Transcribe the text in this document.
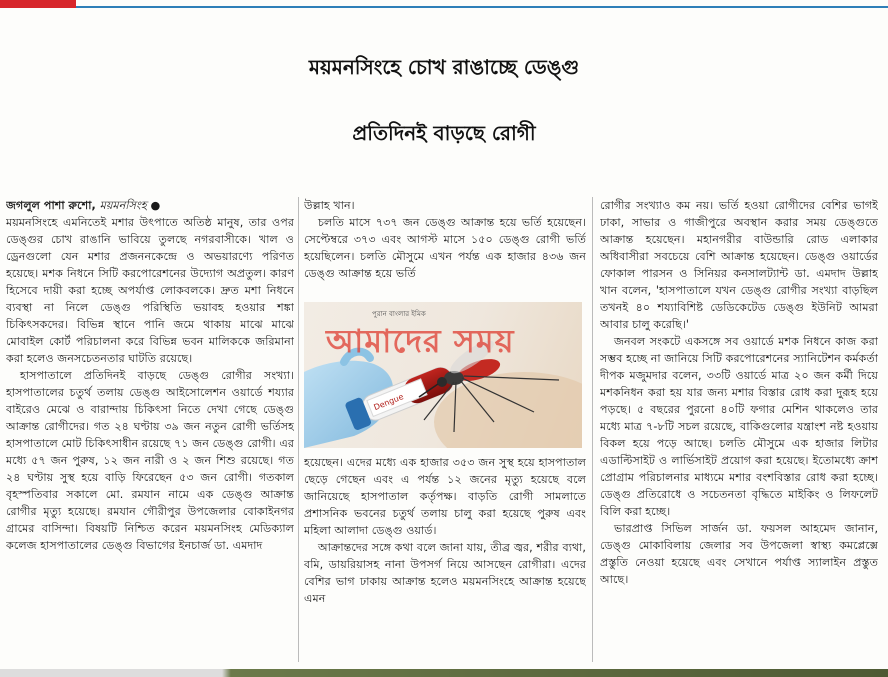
ময়মনসিংহে চোখ রাঙাচ্ছে ডেঙ্গু
প্রতিদিনই বাড়ছে রোগী

জগলুল পাশা রুশো, ময়মনসিংহ ●

ময়মনসিংহে এমনিতেই মশার উৎপাতে অতিষ্ঠ মানুষ, তার ওপর ডেঙ্গুর চোখ রাঙানি ভাবিয়ে তুলছে নগরবাসীকে। খাল ও ড্রেনগুলো যেন মশার প্রজননকেন্দ্রে ও অভয়ারণ্যে পরিণত হয়েছে। মশক নিধনে সিটি করপোরেশনের উদ্যোগ অপ্রতুল। কারণ হিসেবে দায়ী করা হচ্ছে অপর্যাপ্ত লোকবলকে। দ্রুত মশা নিধনে ব্যবস্থা না নিলে ডেঙ্গু পরিস্থিতি ভয়াবহ হওয়ার শঙ্কা চিকিৎসকদের। বিভিন্ন স্থানে পানি জমে থাকায় মাঝে মাঝে মোবাইল কোর্ট পরিচালনা করে বিভিন্ন ভবন মালিককে জরিমানা করা হলেও জনসচেতনতার ঘাটতি রয়েছে।

হাসপাতালে প্রতিদিনই বাড়ছে ডেঙ্গু রোগীর সংখ্যা। হাসপাতালের চতুর্থ তলায় ডেঙ্গু আইসোলেশন ওয়ার্ডে শয্যার বাইরেও মেঝে ও বারান্দায় চিকিৎসা নিতে দেখা গেছে ডেঙ্গু আক্রান্ত রোগীদের। গত ২৪ ঘণ্টায় ৩৯ জন নতুন রোগী ভর্তিসহ হাসপাতালে মোট চিকিৎসাধীন রয়েছে ৭১ জন ডেঙ্গু রোগী। এর মধ্যে ৫৭ জন পুরুষ, ১২ জন নারী ও ২ জন শিশু রয়েছে। গত ২৪ ঘণ্টায় সুস্থ হয়ে বাড়ি ফিরেছেন ৫৩ জন রোগী। গতকাল বৃহস্পতিবার সকালে মো. রমযান নামে এক ডেঙ্গু আক্রান্ত রোগীর মৃত্যু হয়েছে। রমযান গৌরীপুর উপজেলার বোকাইনগর গ্রামের বাসিন্দা। বিষয়টি নিশ্চিত করেন ময়মনসিংহ মেডিক্যাল কলেজ হাসপাতালের ডেঙ্গু বিভাগের ইনচার্জ ডা. এমদাদ

উল্লাহ খান।

চলতি মাসে ৭৩৭ জন ডেঙ্গু আক্রান্ত হয়ে ভর্তি হয়েছেন। সেপ্টেম্বরে ৩৭৩ এবং আগস্ট মাসে ১৫০ ডেঙ্গু রোগী ভর্তি হয়েছিলেন। চলতি মৌসুমে এখন পর্যন্ত এক হাজার ৪৩৬ জন ডেঙ্গু আক্রান্ত হয়ে ভর্তি

Dengue
পুরান বাংলার ইমিক
আমাদের সময়

হয়েছেন। এদের মধ্যে এক হাজার ৩৫৩ জন সুস্থ হয়ে হাসপাতাল ছেড়ে গেছেন এবং এ পর্যন্ত ১২ জনের মৃত্যু হয়েছে বলে জানিয়েছে হাসপাতাল কর্তৃপক্ষ। বাড়তি রোগী সামলাতে প্রশাসনিক ভবনের চতুর্থ তলায় চালু করা হয়েছে পুরুষ এবং মহিলা আলাদা ডেঙ্গু ওয়ার্ড।

আক্রান্তদের সঙ্গে কথা বলে জানা যায়, তীব্র জ্বর, শরীর ব্যথা, বমি, ডায়রিয়াসহ নানা উপসর্গ নিয়ে আসছেন রোগীরা। এদের বেশির ভাগ ঢাকায় আক্রান্ত হলেও ময়মনসিংহে আক্রান্ত হয়েছে এমন

রোগীর সংখ্যাও কম নয়। ভর্তি হওয়া রোগীদের বেশির ভাগই ঢাকা, সাভার ও গাজীপুরে অবস্থান করার সময় ডেঙ্গুতে আক্রান্ত হয়েছেন। মহানগরীর বাউন্ডারি রোড এলাকার অধিবাসীরা সবচেয়ে বেশি আক্রান্ত হয়েছেন। ডেঙ্গু ওয়ার্ডের ফোকাল পারসন ও সিনিয়র কনসালট্যান্ট ডা. এমদাদ উল্লাহ খান বলেন, 'হাসপাতালে যখন ডেঙ্গু রোগীর সংখ্যা বাড়ছিল তখনই ৪০ শয্যাবিশিষ্ট ডেডিকেটেড ডেঙ্গু ইউনিট আমরা আবার চালু করেছি।'

জনবল সংকটে একসঙ্গে সব ওয়ার্ডে মশক নিধনে কাজ করা সম্ভব হচ্ছে না জানিয়ে সিটি করপোরেশনের স্যানিটেশন কর্মকর্তা দীপক মজুমদার বলেন, ৩৩টি ওয়ার্ডে মাত্র ২০ জন কর্মী দিয়ে মশকনিধন করা হয় যার জন্য মশার বিস্তার রোধ করা দুরূহ হয়ে পড়ছে। ৫ বছরের পুরনো ৪০টি ফগার মেশিন থাকলেও তার মধ্যে মাত্র ৭-৮টি সচল রয়েছে, বাকিগুলোর যন্ত্রাংশ নষ্ট হওয়ায় বিকল হয়ে পড়ে আছে। চলতি মৌসুমে এক হাজার লিটার এডাল্টিসাইট ও লার্ভিসাইট প্রয়োগ করা হয়েছে। ইতোমধ্যে ক্রাশ প্রোগ্রাম পরিচালনার মাধ্যমে মশার বংশবিস্তার রোধ করা হচ্ছে। ডেঙ্গু প্রতিরোধে ও সচেতনতা বৃদ্ধিতে মাইকিং ও লিফলেট বিলি করা হচ্ছে।

ভারপ্রাপ্ত সিভিল সার্জন ডা. ফয়সল আহমেদ জানান, ডেঙ্গু মোকাবিলায় জেলার সব উপজেলা স্বাস্থ্য কমপ্লেক্সে প্রস্তুতি নেওয়া হয়েছে এবং সেখানে পর্যাপ্ত স্যালাইন প্রস্তুত আছে।
